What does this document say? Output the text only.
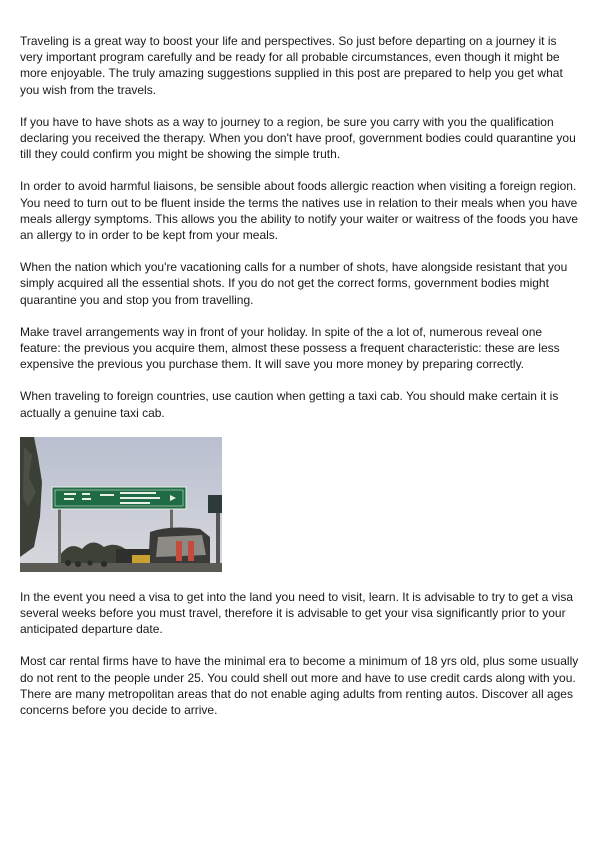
Traveling is a great way to boost your life and perspectives. So just before departing on a journey it is very important program carefully and be ready for all probable circumstances, even though it might be more enjoyable. The truly amazing suggestions supplied in this post are prepared to help you get what you wish from the travels.

If you have to have shots as a way to journey to a region, be sure you carry with you the qualification declaring you received the therapy. When you don't have proof, government bodies could quarantine you till they could confirm you might be showing the simple truth.

In order to avoid harmful liaisons, be sensible about foods allergic reaction when visiting a foreign region. You need to turn out to be fluent inside the terms the natives use in relation to their meals when you have meals allergy symptoms. This allows you the ability to notify your waiter or waitress of the foods you have an allergy to in order to be kept from your meals.

When the nation which you're vacationing calls for a number of shots, have alongside resistant that you simply acquired all the essential shots. If you do not get the correct forms, government bodies might quarantine you and stop you from travelling.

Make travel arrangements way in front of your holiday. In spite of the a lot of, numerous reveal one feature: the previous you acquire them, almost these possess a frequent characteristic: these are less expensive the previous you purchase them. It will save you more money by preparing correctly.

When traveling to foreign countries, use caution when getting a taxi cab. You should make certain it is actually a genuine taxi cab.

In the event you need a visa to get into the land you need to visit, learn. It is advisable to try to get a visa several weeks before you must travel, therefore it is advisable to get your visa significantly prior to your anticipated departure date.

Most car rental firms have to have the minimal era to become a minimum of 18 yrs old, plus some usually do not rent to the people under 25. You could shell out more and have to use credit cards along with you. There are many metropolitan areas that do not enable aging adults from renting autos. Discover all ages concerns before you decide to arrive.
